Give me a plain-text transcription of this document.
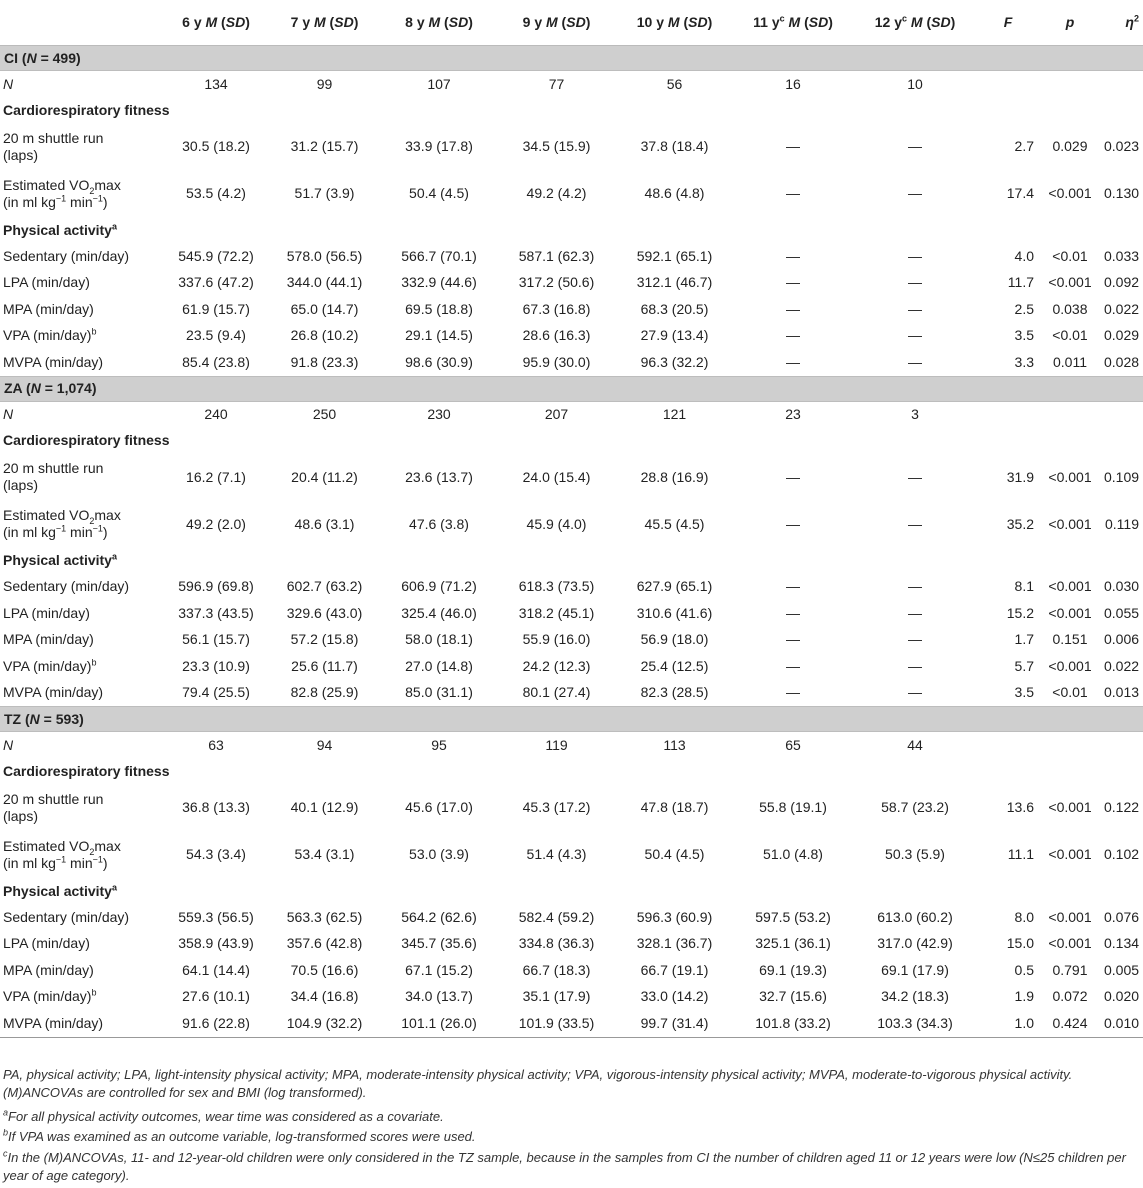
	6 y M (SD)	7 y M (SD)	8 y M (SD)	9 y M (SD)	10 y M (SD)	11 $y^c$ M (SD)	12 $y^c$ M (SD)	F	p	$\eta^2$
CI (N = 499)										
N	134	99	107	77	56	16	10			
Cardiorespiratory fitness										
20 m shuttle run
(laps)	30.5 (18.2)	31.2 (15.7)	33.9 (17.8)	34.5 (15.9)	37.8 (18.4)	—	—	2.7	0.029	0.023
Estimated $VO_2\max$
(in ml $kg^{-1}$ $\min^{-1}$)	53.5 (4.2)	51.7 (3.9)	50.4 (4.5)	49.2 (4.2)	48.6 (4.8)	—	—	17.4	<0.001	0.130
Physical activity$^a$
Sedentary (min/day)	545.9 (72.2)	578.0 (56.5)	566.7 (70.1)	587.1 (62.3)	592.1 (65.1)	—	—	4.0	<0.01	0.033
LPA (min/day)	337.6 (47.2)	344.0 (44.1)	332.9 (44.6)	317.2 (50.6)	312.1 (46.7)	—	—	11.7	<0.001	0.092
MPA (min/day)	61.9 (15.7)	65.0 (14.7)	69.5 (18.8)	67.3 (16.8)	68.3 (20.5)	—	—	2.5	0.038	0.022
VPA $(\min/day)^b$	23.5 (9.4)	26.8 (10.2)	29.1 (14.5)	28.6 (16.3)	27.9 (13.4)	—	—	3.5	<0.01	0.029
MVPA (min/day)	85.4 (23.8)	91.8 (23.3)	98.6 (30.9)	95.9 (30.0)	96.3 (32.2)	—	—	3.3	0.011	0.028
ZA (N = 1,074)										
N	240	250	230	207	121	23	3			
Cardiorespiratory fitness										
20 m shuttle run
(laps)	16.2 (7.1)	20.4 (11.2)	23.6 (13.7)	24.0 (15.4)	28.8 (16.9)	—	—	31.9	<0.001	0.109
Estimated $VO_2\max$
(in ml $kg^{-1}$ $\min^{-1}$)	49.2 (2.0)	48.6 (3.1)	47.6 (3.8)	45.9 (4.0)	45.5 (4.5)	—	—	35.2	<0.001	0.119
Physical activity$^a$
Sedentary (min/day)	596.9 (69.8)	602.7 (63.2)	606.9 (71.2)	618.3 (73.5)	627.9 (65.1)	—	—	8.1	<0.001	0.030
LPA (min/day)	337.3 (43.5)	329.6 (43.0)	325.4 (46.0)	318.2 (45.1)	310.6 (41.6)	—	—	15.2	<0.001	0.055
MPA (min/day)	56.1 (15.7)	57.2 (15.8)	58.0 (18.1)	55.9 (16.0)	56.9 (18.0)	—	—	1.7	0.151	0.006
VPA $(\min/day)^b$	23.3 (10.9)	25.6 (11.7)	27.0 (14.8)	24.2 (12.3)	25.4 (12.5)	—	—	5.7	<0.001	0.022
MVPA (min/day)	79.4 (25.5)	82.8 (25.9)	85.0 (31.1)	80.1 (27.4)	82.3 (28.5)	—	—	3.5	<0.01	0.013
TZ (N = 593)										
N	63	94	95	119	113	65	44			
Cardiorespiratory fitness										
20 m shuttle run
(laps)	36.8 (13.3)	40.1 (12.9)	45.6 (17.0)	45.3 (17.2)	47.8 (18.7)	55.8 (19.1)	58.7 (23.2)	13.6	<0.001	0.122
Estimated $VO_2\max$
(in ml $kg^{-1}$ $\min^{-1}$)	54.3 (3.4)	53.4 (3.1)	53.0 (3.9)	51.4 (4.3)	50.4 (4.5)	51.0 (4.8)	50.3 (5.9)	11.1	<0.001	0.102
Physical activity$^a$
Sedentary (min/day)	559.3 (56.5)	563.3 (62.5)	564.2 (62.6)	582.4 (59.2)	596.3 (60.9)	597.5 (53.2)	613.0 (60.2)	8.0	<0.001	0.076
LPA (min/day)	358.9 (43.9)	357.6 (42.8)	345.7 (35.6)	334.8 (36.3)	328.1 (36.7)	325.1 (36.1)	317.0 (42.9)	15.0	<0.001	0.134
MPA (min/day)	64.1 (14.4)	70.5 (16.6)	67.1 (15.2)	66.7 (18.3)	66.7 (19.1)	69.1 (19.3)	69.1 (17.9)	0.5	0.791	0.005
VPA $(\min/day)^b$	27.6 (10.1)	34.4 (16.8)	34.0 (13.7)	35.1 (17.9)	33.0 (14.2)	32.7 (15.6)	34.2 (18.3)	1.9	0.072	0.020
MVPA (min/day)	91.6 (22.8)	104.9 (32.2)	101.1 (26.0)	101.9 (33.5)	99.7 (31.4)	101.8 (33.2)	103.3 (34.3)	1.0	0.424	0.010
PA, physical activity; LPA, light-intensity physical activity; MPA, moderate-intensity physical activity; VPA, vigorous-intensity physical activity; MVPA, moderate-to-vigorous physical activity. (M)ANCOVAs are controlled for sex and BMI (log transformed).
$^a$For all physical activity outcomes, wear time was considered as a covariate.
$^b$If VPA was examined as an outcome variable, log-transformed scores were used.
$^c$In the (M)ANCOVAs, 11- and 12-year-old children were only considered in the TZ sample, because in the samples from CI the number of children aged 11 or 12 years were low (N≤25 children per year of age category).
